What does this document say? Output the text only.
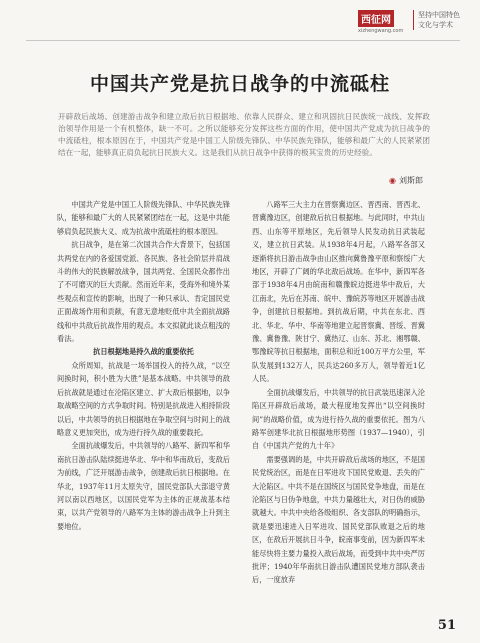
西征网
xizhengwang.com
坚持中国特色
文化与学术
中国共产党是抗日战争的中流砥柱
开辟敌后战场、创建游击战争和建立敌后抗日根据地、依靠人民群众、建立和巩固抗日民族统一战线、发挥政治领导作用是一个有机整体，缺一不可。之所以能够充分发挥这些方面的作用，使中国共产党成为抗日战争的中流砥柱，根本原因在于，中国共产党是中国工人阶级先锋队、中华民族先锋队，能够和最广大的人民紧紧团结在一起，能够真正肩负起抗日民族大义。这是我们从抗日战争中获得的极其宝贵的历史经验。
◉ 刘斯郎

中国共产党是中国工人阶级先锋队、中华民族先锋队，能够和最广大的人民紧紧团结在一起，这是中共能够肩负起民族大义、成为抗战中流砥柱的根本原因。

抗日战争，是在第二次国共合作大背景下，包括国共两党在内的各爱国党派、各民族、各社会阶层并肩战斗的伟大的民族解放战争，国共两党、全国民众都作出了不可磨灭的巨大贡献。然而近年来，受海外和境外某些观点和宣传的影响，出现了一种只承认、肯定国民党正面战场作用和贡献，有意无意地贬低中共全面抗战路线和中共敌后抗战作用的观点。本文拟就此谈点粗浅的看法。

抗日根据地是持久战的重要依托

众所周知，抗战是一场举国投入的持久战，“以空间换时间，积小胜为大胜”是基本战略。中共领导的敌后抗战就是通过在沦陷区建立、扩大敌后根据地，以争取战略空间的方式争取时间。特别是抗战进入相持阶段以后，中共领导的抗日根据地在争取空间与时间上的战略意义更加突出，成为进行持久战的重要载托。

全面抗战爆发后，中共领导的八路军、新四军和华南抗日游击队陆续挺进华北、华中和华南敌后，变敌后为前线，广泛开展游击战争，创建敌后抗日根据地。在华北，1937年11月太原失守，国民党部队大部退守黄河以南以西地区，以国民党军为主体的正规战基本结束，以共产党领导的八路军为主体的游击战争上升到主要地位。

八路军三大主力在晋察冀边区、晋西南、晋西北、晋冀豫边区，创建敌后抗日根据地。与此同时，中共山西、山东等平原地区，先后领导人民发动抗日武装起义，建立抗日武装。从1938年4月起，八路军各部又逐渐将抗日游击战争由山区推向冀鲁豫平原和察绥广大地区，开辟了广阔的华北敌后战场。在华中，新四军各部于1938年4月由皖南和赣豫皖边挺进华中敌后，大江南北，先后在苏南、皖中、豫皖苏等地区开展游击战争，创建抗日根据地。到抗战后期，中共在东北、西北、华北、华中、华南等地建立起晋察冀、晋绥、晋冀豫、冀鲁豫、陕甘宁、冀热辽、山东、苏北、湘鄂赣、鄂豫皖等抗日根据地，面积总和近100万平方公里，军队发展到132万人，民兵达260多万人，领导着近1亿人民。

全面抗战爆发后，中共领导的抗日武装迅速深入沦陷区开辟敌后战场，最大程度地发挥出“以空间换时间”的战略价值，成为进行持久战的重要依托。图为八路军创建华北抗日根据地形势图（1937—1940），引自《中国共产党的九十年》

需要强调的是，中共开辟敌后战场的地区，不是国民党统治区，而是在日军进攻下国民党败退、丢失的广大沦陷区。中共不是在国统区与国民党争地盘，而是在沦陷区与日伪争地盘，中共力量越壮大，对日伪的威胁就越大。中共中央给各级组织、各支部队的明确指示，就是要迅速进入日军进攻、国民党部队败退之后的地区，在敌后开展抗日斗争，皖南事变前，因为新四军未能尽快将主要力量投入敌后战场，而受到中共中央严厉批评；1940年华南抗日游击队遭国民党地方部队袭击后，一度放弃

51
